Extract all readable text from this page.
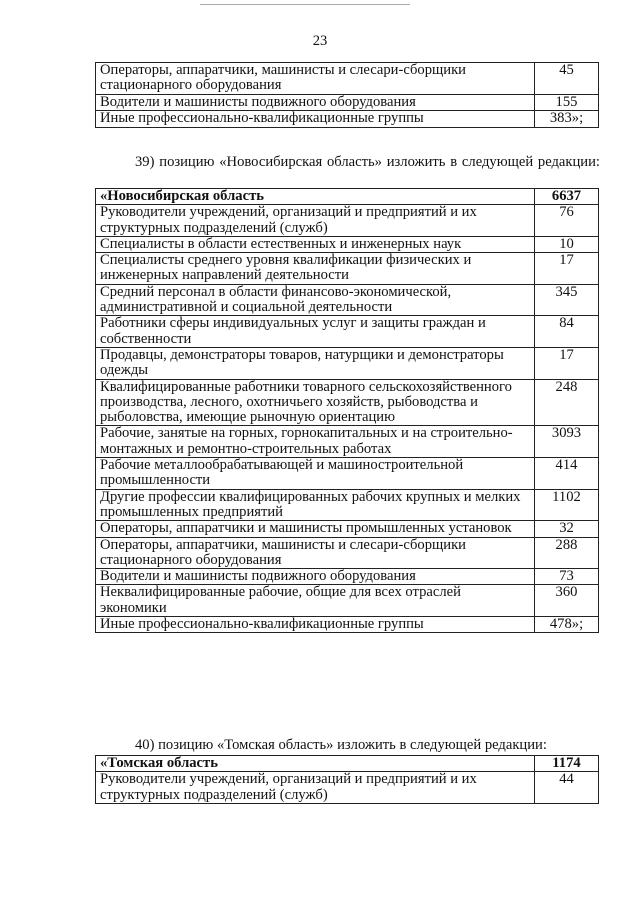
23
Операторы, аппаратчики, машинисты и слесари-сборщики стационарного оборудования	45
Водители и машинисты подвижного оборудования	155
Иные профессионально-квалификационные группы	383»;
39) позицию «Новосибирская область» изложить в следующей редакции:
«Новосибирская область	6637
Руководители учреждений, организаций и предприятий и их структурных подразделений (служб)	76
Специалисты в области естественных и инженерных наук	10
Специалисты среднего уровня квалификации физических и инженерных направлений деятельности	17
Средний персонал в области финансово-экономической, административной и социальной деятельности	345
Работники сферы индивидуальных услуг и защиты граждан и собственности	84
Продавцы, демонстраторы товаров, натурщики и демонстраторы одежды	17
Квалифицированные работники товарного сельскохозяйственного производства, лесного, охотничьего хозяйств, рыбоводства и рыболовства, имеющие рыночную ориентацию	248
Рабочие, занятые на горных, горнокапитальных и на строительно-монтажных и ремонтно-строительных работах	3093
Рабочие металлообрабатывающей и машиностроительной промышленности	414
Другие профессии квалифицированных рабочих крупных и мелких промышленных предприятий	1102
Операторы, аппаратчики и машинисты промышленных установок	32
Операторы, аппаратчики, машинисты и слесари-сборщики стационарного оборудования	288
Водители и машинисты подвижного оборудования	73
Неквалифицированные рабочие, общие для всех отраслей экономики	360
Иные профессионально-квалификационные группы	478»;
40) позицию «Томская область» изложить в следующей редакции:
«Томская область	1174
Руководители учреждений, организаций и предприятий и их структурных подразделений (служб)	44
